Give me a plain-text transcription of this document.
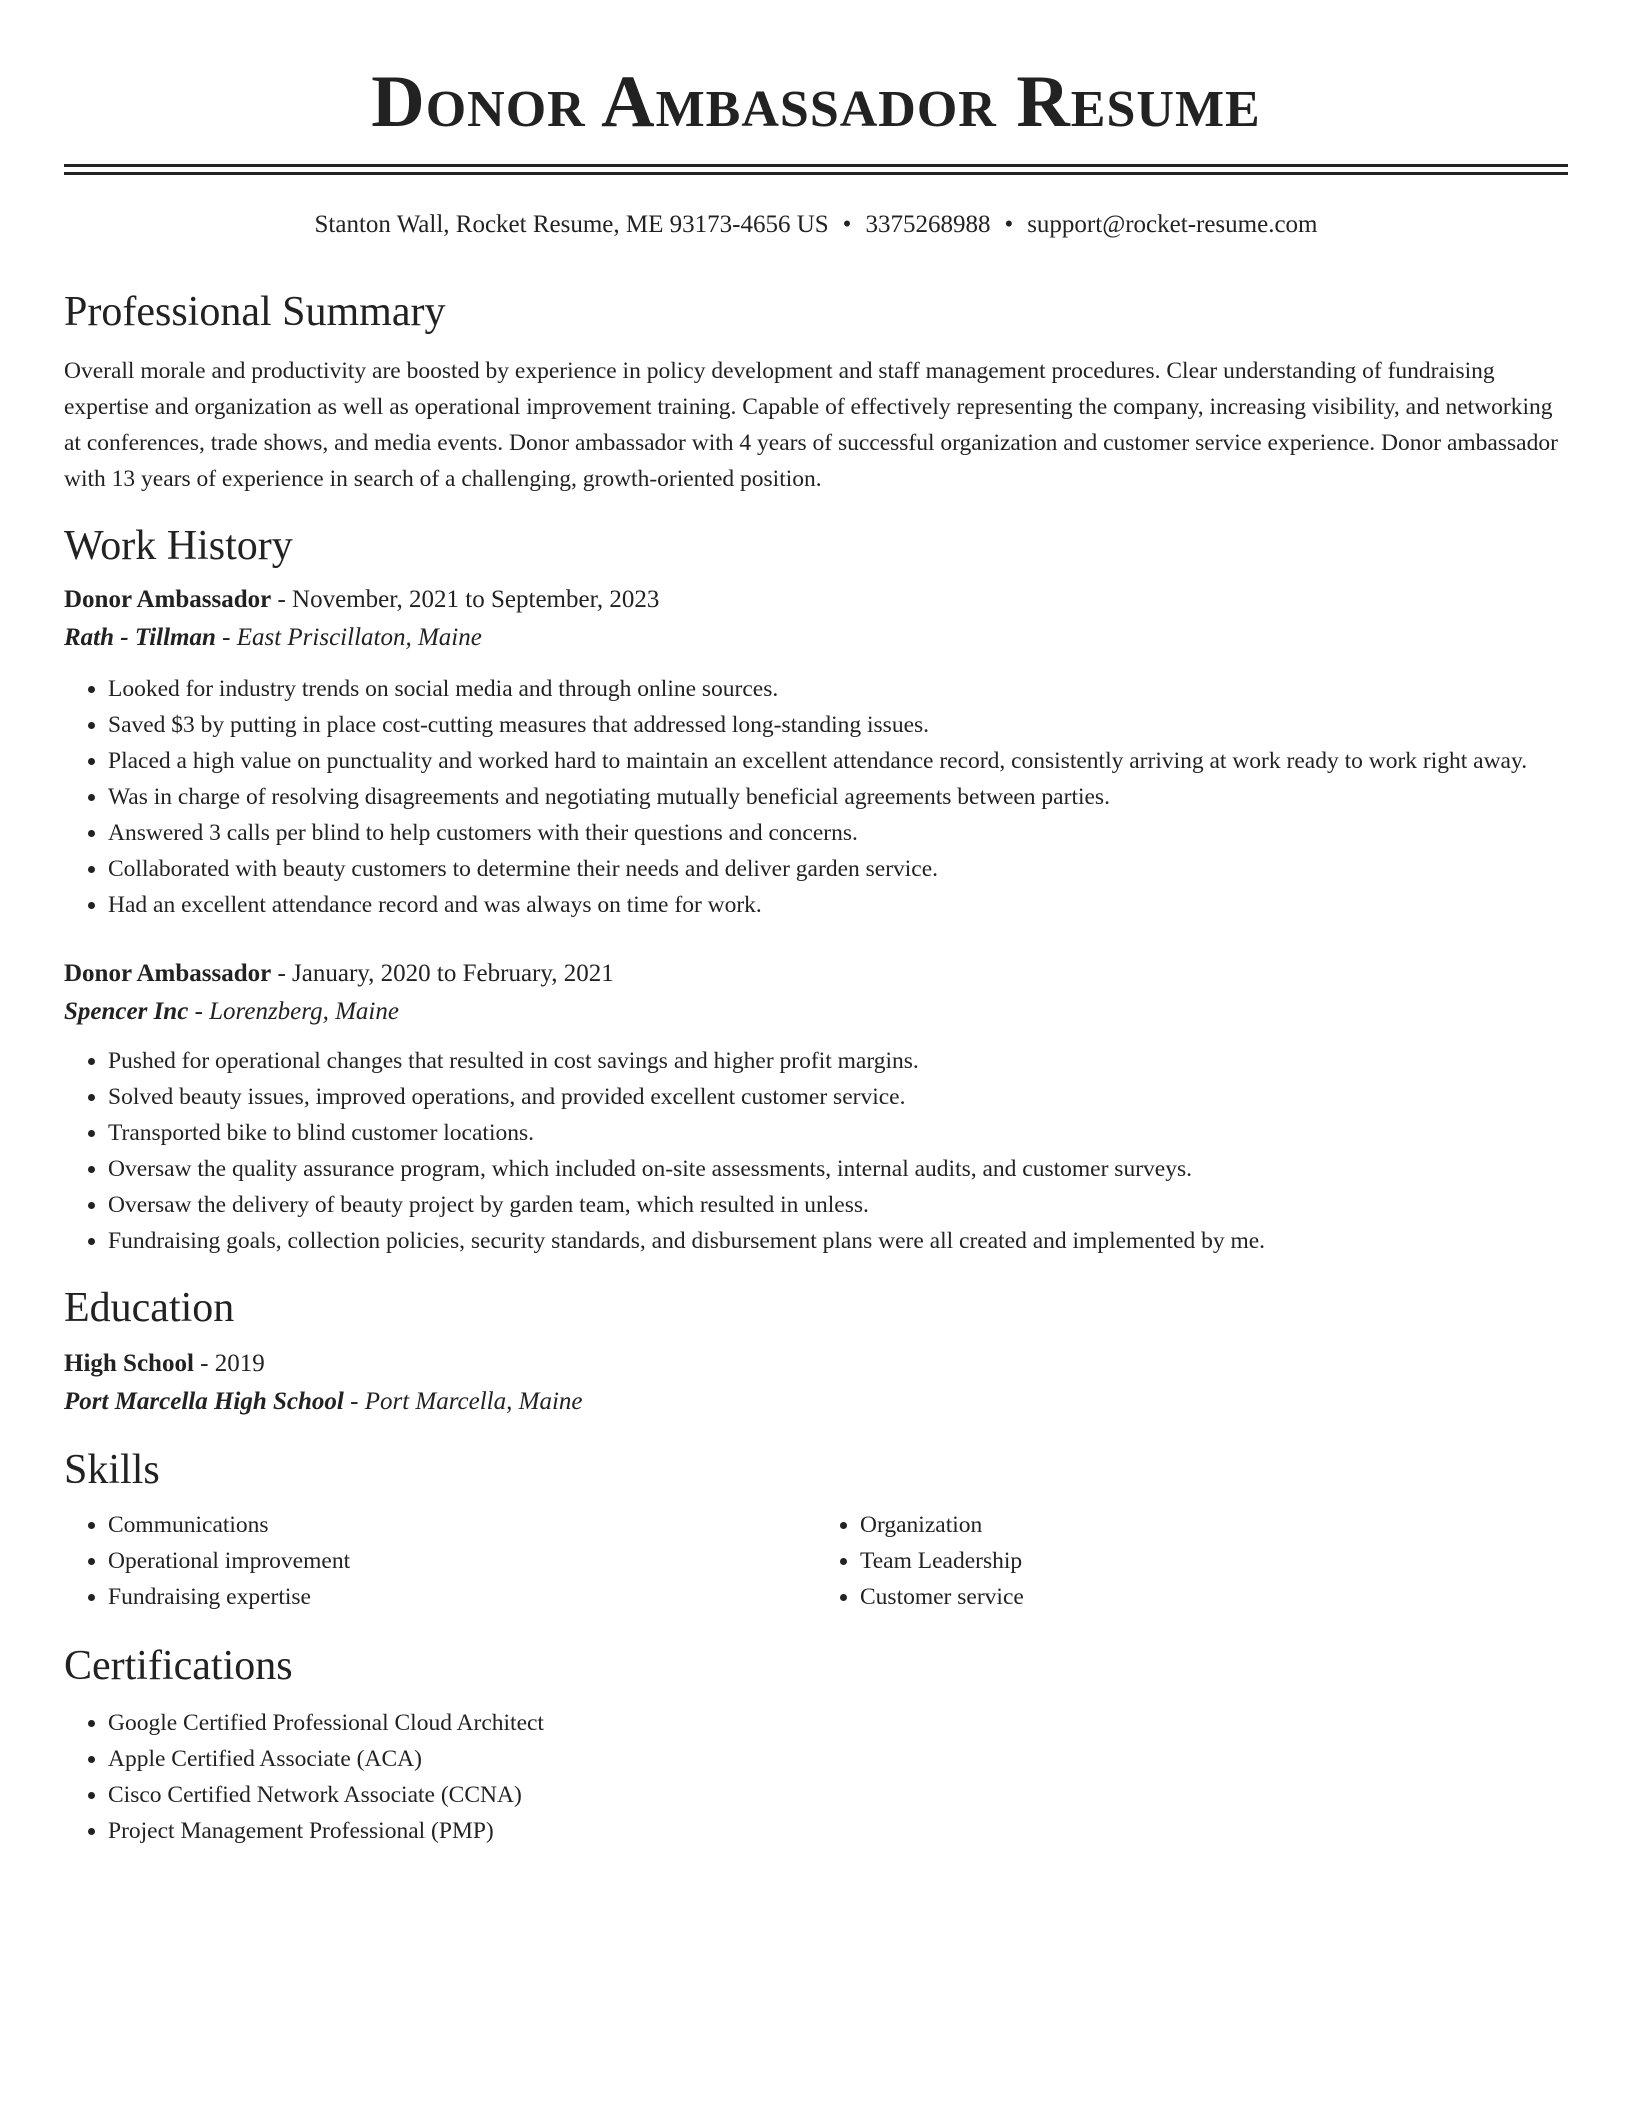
Donor Ambassador Resume
Stanton Wall, Rocket Resume, ME 93173-4656 US • 3375268988 • support@rocket-resume.com
Professional Summary

Overall morale and productivity are boosted by experience in policy development and staff management procedures. Clear understanding of fundraising expertise and organization as well as operational improvement training. Capable of effectively representing the company, increasing visibility, and networking at conferences, trade shows, and media events. Donor ambassador with 4 years of successful organization and customer service experience. Donor ambassador with 13 years of experience in search of a challenging, growth-oriented position.

Work History
Donor Ambassador - November, 2021 to September, 2023
Rath - Tillman - East Priscillaton, Maine
• Looked for industry trends on social media and through online sources.
• Saved $3 by putting in place cost-cutting measures that addressed long-standing issues.
• Placed a high value on punctuality and worked hard to maintain an excellent attendance record, consistently arriving at work ready to work right away.
• Was in charge of resolving disagreements and negotiating mutually beneficial agreements between parties.
• Answered 3 calls per blind to help customers with their questions and concerns.
• Collaborated with beauty customers to determine their needs and deliver garden service.
• Had an excellent attendance record and was always on time for work.
Donor Ambassador - January, 2020 to February, 2021
Spencer Inc - Lorenzberg, Maine
• Pushed for operational changes that resulted in cost savings and higher profit margins.
• Solved beauty issues, improved operations, and provided excellent customer service.
• Transported bike to blind customer locations.
• Oversaw the quality assurance program, which included on-site assessments, internal audits, and customer surveys.
• Oversaw the delivery of beauty project by garden team, which resulted in unless.
• Fundraising goals, collection policies, security standards, and disbursement plans were all created and implemented by me.
Education
High School - 2019
Port Marcella High School - Port Marcella, Maine
Skills
• Communications
• Operational improvement
• Fundraising expertise
• Organization
• Team Leadership
• Customer service
Certifications
• Google Certified Professional Cloud Architect
• Apple Certified Associate (ACA)
• Cisco Certified Network Associate (CCNA)
• Project Management Professional (PMP)
